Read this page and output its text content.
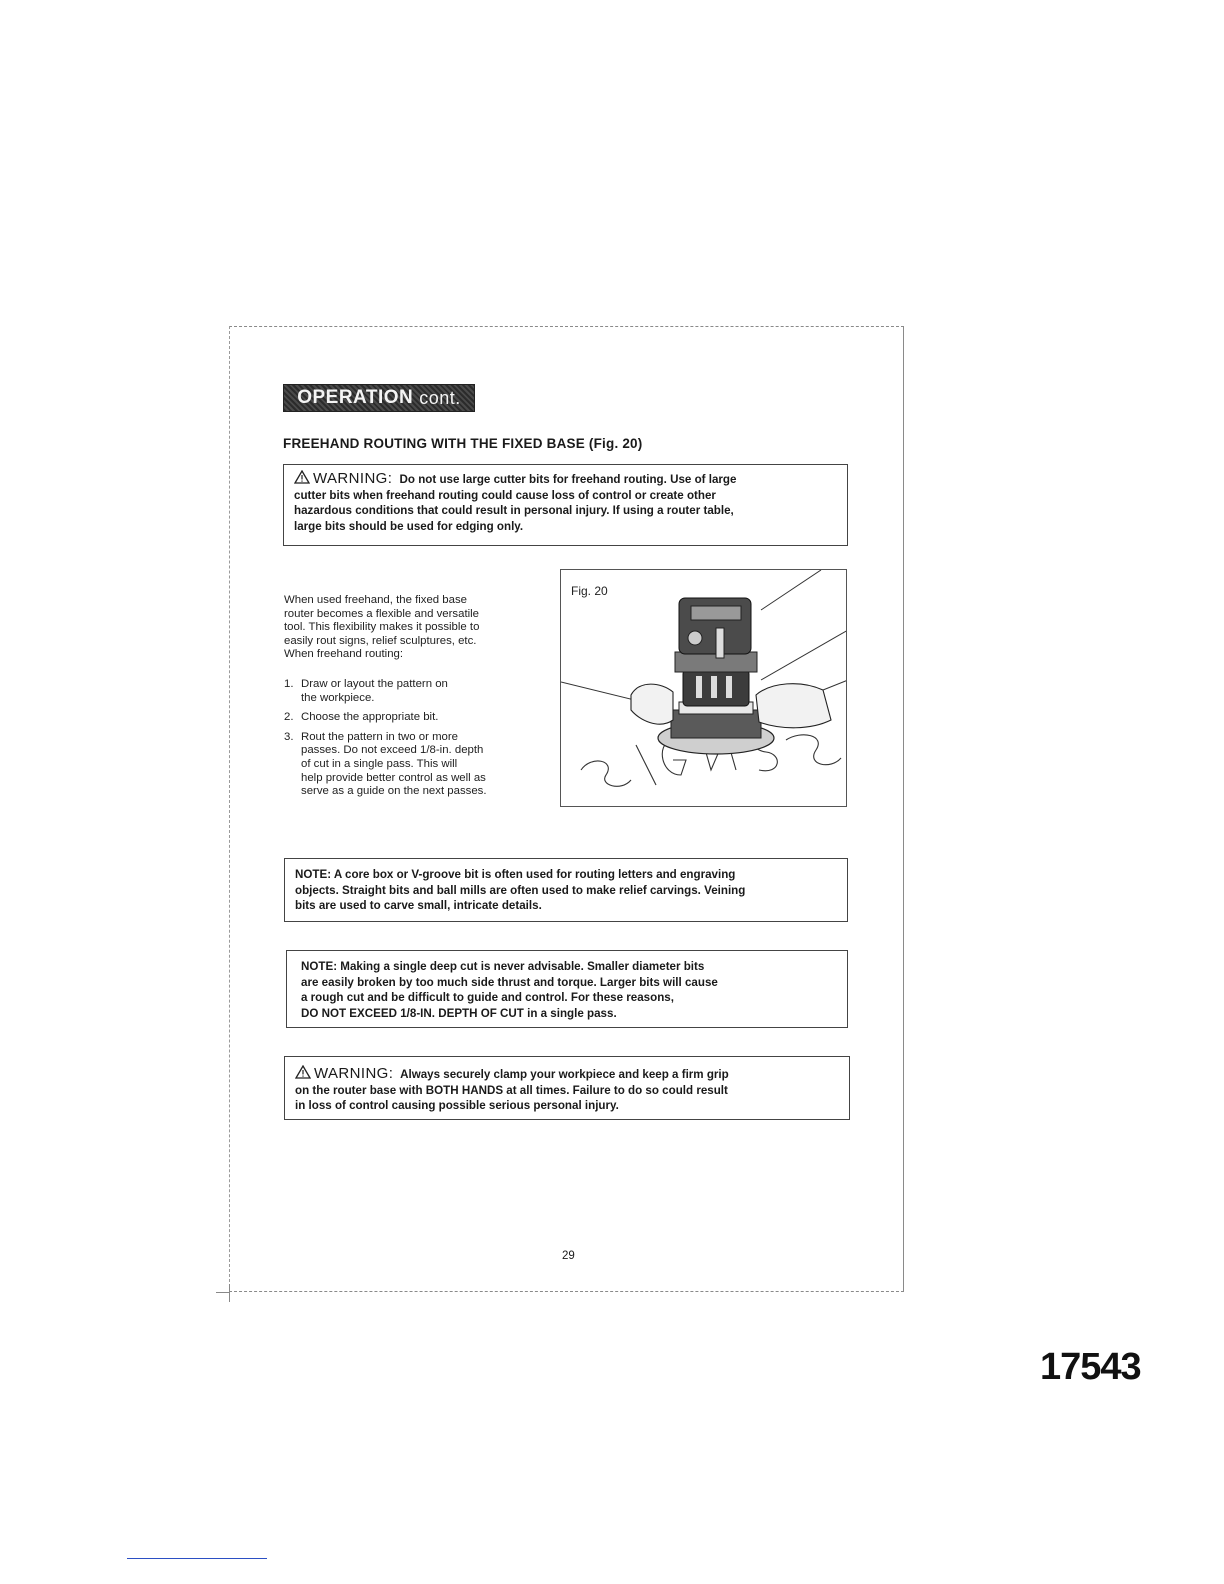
OPERATION cont.
FREEHAND ROUTING WITH THE FIXED BASE (Fig. 20)
WARNING: Do not use large cutter bits for freehand routing. Use of large
cutter bits when freehand routing could cause loss of control or create other
hazardous conditions that could result in personal injury. If using a router table,
large bits should be used for edging only.
When used freehand, the fixed base
router becomes a flexible and versatile
tool. This flexibility makes it possible to
easily rout signs, relief sculptures, etc.
When freehand routing:
1. Draw or layout the pattern on
the workpiece.
2. Choose the appropriate bit.
3. Rout the pattern in two or more
passes. Do not exceed 1/8-in. depth
of cut in a single pass. This will
help provide better control as well as
serve as a guide on the next passes.
Fig. 20
NOTE: A core box or V-groove bit is often used for routing letters and engraving
objects. Straight bits and ball mills are often used to make relief carvings. Veining
bits are used to carve small, intricate details.
NOTE: Making a single deep cut is never advisable. Smaller diameter bits
are easily broken by too much side thrust and torque. Larger bits will cause
a rough cut and be difficult to guide and control. For these reasons,
DO NOT EXCEED 1/8-IN. DEPTH OF CUT in a single pass.
WARNING: Always securely clamp your workpiece and keep a firm grip
on the router base with BOTH HANDS at all times. Failure to do so could result
in loss of control causing possible serious personal injury.
29
17543
